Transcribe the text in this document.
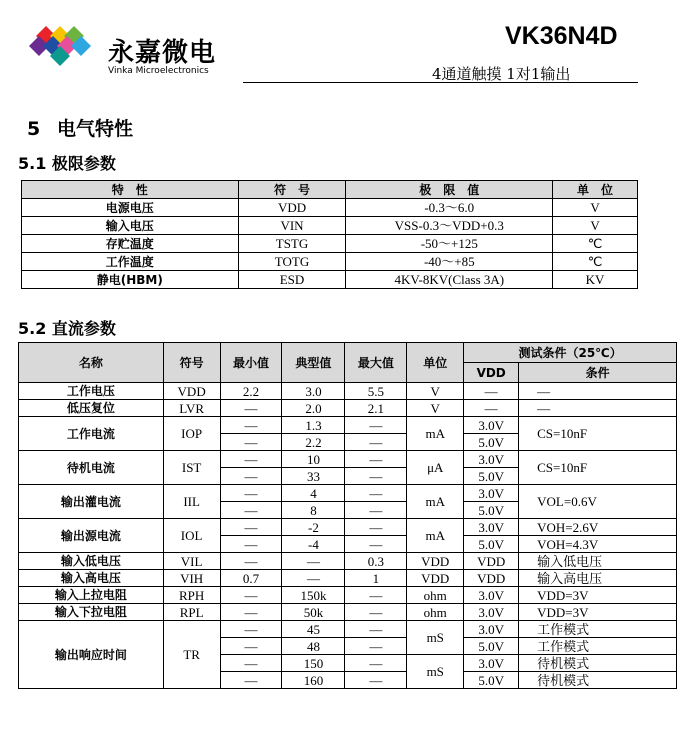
永嘉微电
Vinka Microelectronics
VK36N4D
4通道触摸 1对1输出
5 电气特性
5.1 极限参数
5.2 直流参数
特　性	符　号	极　限　值	单　位
电源电压	VDD	-0.3～6.0	V
输入电压	VIN	VSS-0.3～VDD+0.3	V
存贮温度	TSTG	-50～+125	℃
工作温度	TOTG	-40～+85	℃
静电(HBM)	ESD	4KV-8KV(Class 3A)	KV
名称	符号	最小值	典型值	最大值	单位	测试条件（25℃）	
						VDD	条件
工作电压	VDD	2.2	3.0	5.5	V	—	—
低压复位	LVR	—	2.0	2.1	V	—	—
工作电流	IOP	—	1.3	—	mA	3.0V	CS=10nF
		—	2.2	—		5.0V	
待机电流	IST	—	10	—	μA	3.0V	CS=10nF
		—	33	—		5.0V	
输出灌电流	IIL	—	4	—	mA	3.0V	VOL=0.6V
		—	8	—		5.0V	
输出源电流	IOL	—	-2	—	mA	3.0V	VOH=2.6V
		—	-4	—		5.0V	VOH=4.3V
输入低电压	VIL	—	—	0.3	VDD	VDD	输入低电压
输入高电压	VIH	0.7	—	1	VDD	VDD	输入高电压
输入上拉电阻	RPH	—	150k	—	ohm	3.0V	VDD=3V
输入下拉电阻	RPL	—	50k	—	ohm	3.0V	VDD=3V
输出响应时间	TR	—	45	—	mS	3.0V	工作模式
		—	48	—		5.0V	工作模式
		—	150	—	mS	3.0V	待机模式
		—	160	—		5.0V	待机模式
